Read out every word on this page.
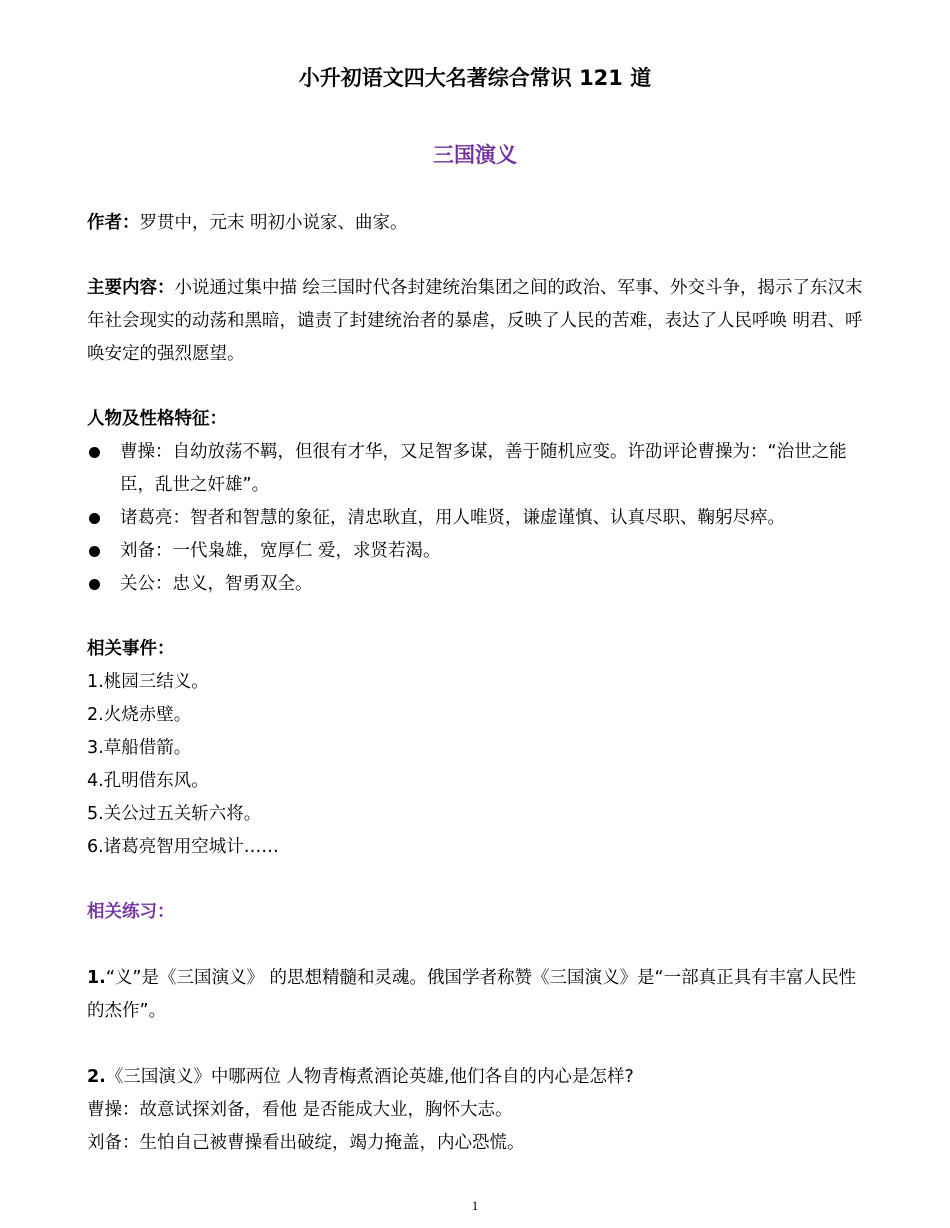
小升初语文四大名著综合常识 121 道
三国演义
作者：罗贯中，元末 明初小说家、曲家。
主要内容：小说通过集中描 绘三国时代各封建统治集团之间的政治、军事、外交斗争，揭示了东汉末年社会现实的动荡和黑暗，谴责了封建统治者的暴虐，反映了人民的苦难，表达了人民呼唤 明君、呼唤安定的强烈愿望。
人物及性格特征：
曹操：自幼放荡不羁，但很有才华，又足智多谋，善于随机应变。许劭评论曹操为：“治世之能臣，乱世之奸雄”。
诸葛亮：智者和智慧的象征，清忠耿直，用人唯贤，谦虚谨慎、认真尽职、鞠躬尽瘁。
刘备：一代枭雄，宽厚仁 爱，求贤若渴。
关公：忠义，智勇双全。
相关事件：
1.桃园三结义。
2.火烧赤壁。
3.草船借箭。
4.孔明借东风。
5.关公过五关斩六将。
6.诸葛亮智用空城计……
相关练习：
1.“义”是《三国演义》 的思想精髓和灵魂。俄国学者称赞《三国演义》是“一部真正具有丰富人民性的杰作”。
2.《三国演义》中哪两位 人物青梅煮酒论英雄,他们各自的内心是怎样?
曹操：故意试探刘备，看他 是否能成大业，胸怀大志。
刘备：生怕自己被曹操看出破绽，竭力掩盖，内心恐慌。
1
